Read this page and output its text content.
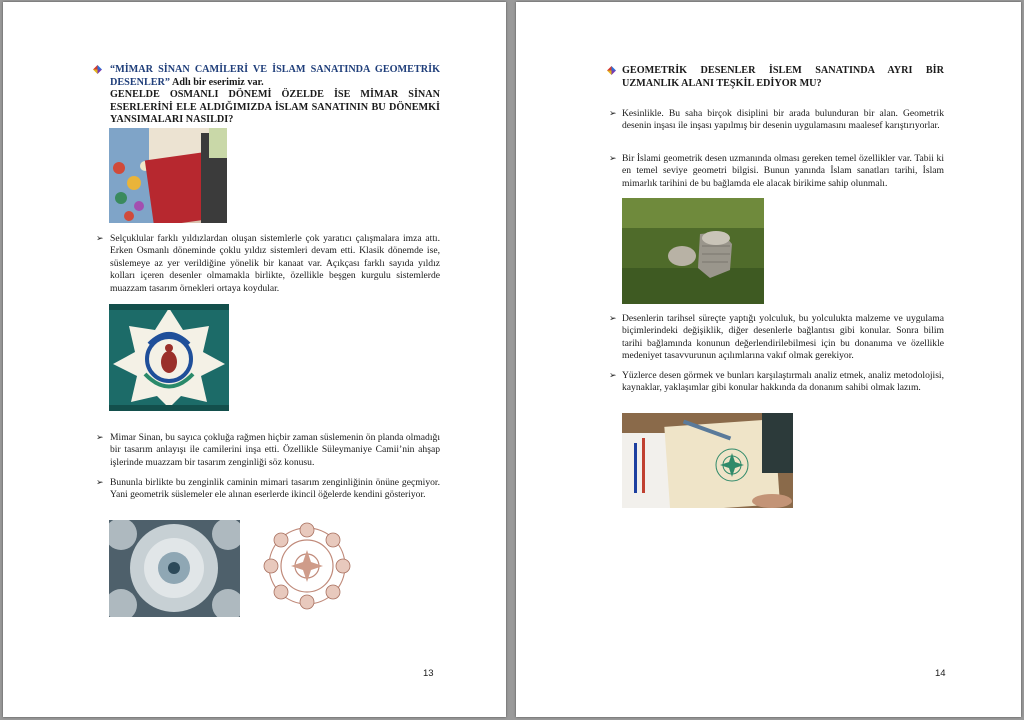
“MİMAR SİNAN CAMİLERİ VE İSLAM SANATINDA GEOMETRİK DESENLER” Adlı bir eserimiz var.
GENELDE OSMANLI DÖNEMİ ÖZELDE İSE MİMAR SİNAN ESERLERİNİ ELE ALDIĞIMIZDA İSLAM SANATININ BU DÖNEMKİ YANSIMALARI NASILDI?
➢ Selçuklular farklı yıldızlardan oluşan sistemlerle çok yaratıcı çalışmalara imza attı. Erken Osmanlı döneminde çoklu yıldız sistemleri devam etti. Klasik dönemde ise, süslemeye az yer verildiğine yönelik bir kanaat var. Açıkçası farklı sayıda yıldız kolları içeren desenler olmamakla birlikte, özellikle beşgen kurgulu sistemlerde muazzam tasarım örnekleri ortaya koydular.
➢ Mimar Sinan, bu sayıca çokluğa rağmen hiçbir zaman süslemenin ön planda olmadığı bir tasarım anlayışı ile camilerini inşa etti. Özellikle Süleymaniye Camii’nin ahşap işlerinde muazzam bir tasarım zenginliği söz konusu.
➢ Bununla birlikte bu zenginlik caminin mimari tasarım zenginliğinin önüne geçmiyor. Yani geometrik süslemeler ele alınan eserlerde ikincil öğelerde kendini gösteriyor.
13
GEOMETRİK DESENLER İSLEM SANATINDA AYRI BİR UZMANLIK ALANI TEŞKİL EDİYOR MU?
➢ Kesinlikle. Bu saha birçok disiplini bir arada bulunduran bir alan. Geometrik desenin inşası ile inşası yapılmış bir desenin uygulamasını maalesef karıştırıyorlar.
➢ Bir İslami geometrik desen uzmanında olması gereken temel özellikler var. Tabii ki en temel seviye geometri bilgisi. Bunun yanında İslam sanatları tarihi, İslam mimarlık tarihini de bu bağlamda ele alacak birikime sahip olunmalı.
➢ Desenlerin tarihsel süreçte yaptığı yolculuk, bu yolculukta malzeme ve uygulama biçimlerindeki değişiklik, diğer desenlerle bağlantısı gibi konular. Sonra bilim tarihi bağlamında konunun değerlendirilebilmesi için bu donanıma ve özellikle medeniyet tasavvurunun açılımlarına vakıf olmak gerekiyor.
➢ Yüzlerce desen görmek ve bunları karşılaştırmalı analiz etmek, analiz metodolojisi, kaynaklar, yaklaşımlar gibi konular hakkında da donanım sahibi olmak lazım.
14
